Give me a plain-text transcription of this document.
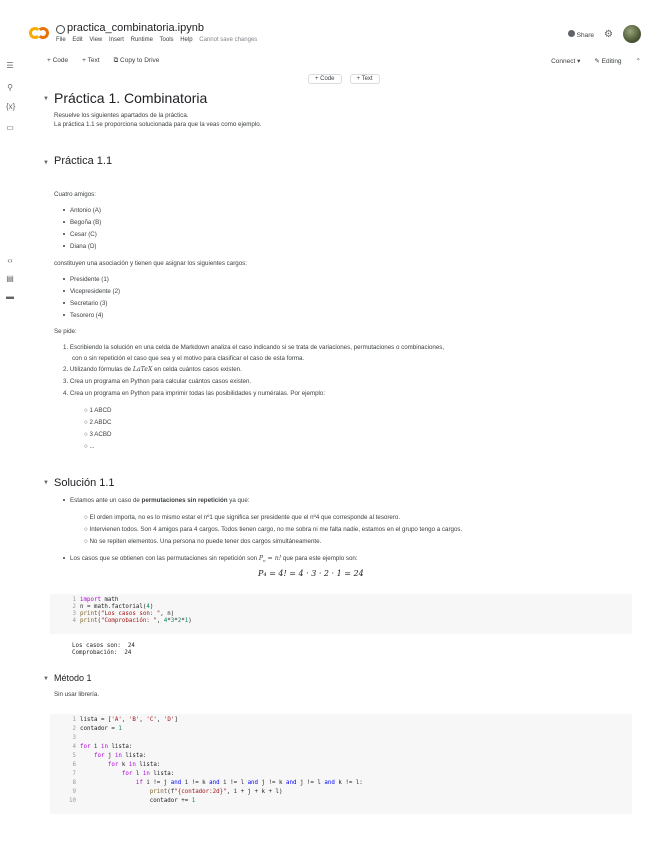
practica_combinatoria.ipynb
File Edit View Insert Runtime Tools Help Cannot save changes
Share ⚙
+ Code + Text ⧉ Copy to Drive	Connect ▾ ✎ Editing ⌃
☰
⚲
{x}
▭
‹›
▤
▬
+ Code	+ Text
▼ Práctica 1. Combinatoria
Resuelve los siguientes apartados de la práctica.
La práctica 1.1 se proporciona solucionada para que la veas como ejemplo.
▼ Práctica 1.1
Cuatro amigos:
Antonio (A)
Begoña (B)
Cesar (C)
Diana (D)
constituyen una asociación y tienen que asignar los siguientes cargos:
Presidente (1)
Vicepresidente (2)
Secretario (3)
Tesorero (4)
Se pide:
1. Escribiendo la solución en una celda de Markdown analiza el caso indicando si se trata de variaciones, permutaciones o combinaciones,
con o sin repetición el caso que sea y el motivo para clasificar el caso de esta forma.
2. Utilizando fórmulas de LaTeX en celda cuántos casos existen.
3. Crea un programa en Python para calcular cuántos casos existen.
4. Crea un programa en Python para imprimir todas las posibilidades y numéralas. Por ejemplo:
○ 1 ABCD
○ 2 ABDC
○ 3 ACBD
○ ...
▼ Solución 1.1
Estamos ante un caso de permutaciones sin repetición ya que:
○ El orden importa, no es lo mismo estar el nº1 que significa ser presidente que el nº4 que corresponde al tesorero.
○ Intervienen todos. Son 4 amigos para 4 cargos. Todos tienen cargo, no me sobra ni me falta nadie, estamos en el grupo tengo a cargos.
○ No se repiten elementos. Una persona no puede tener dos cargos simultáneamente.
Los casos que se obtienen con las permutaciones sin repetición son $P_n = n$! que para este ejemplo son:
P₄ = 4! = 4 · 3 · 2 · 1 = 24
1 import math
2 n = math.factorial(4)
3 print("Los casos son: ", n)
4 print("Comprobación: ", 4*3*2*1)
Los casos son:  24
Comprobación:  24
▼ Método 1
Sin usar librería.
1 lista = ['A', 'B', 'C', 'D']
2 contador = 1
3
4 for i in lista:
5	for j in lista:
6	for k in lista:
7	for l in lista:
8	if i != j and i != k and i != l and j != k and j != l and k != l:
9	print(f"{contador:2d}", i + j + k + l)
10                    contador += 1
